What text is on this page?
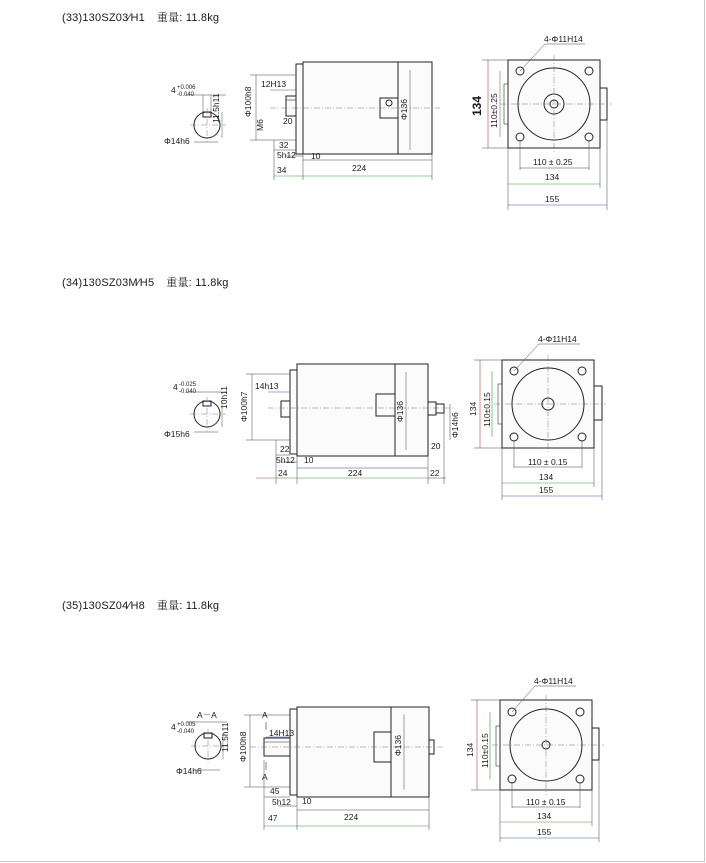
(33)130SZ03∕H1 重量: 11.8kg
4 +0.006
-0.040 11.5h11
Φ14h6
12H13
Φ100h8
M6 20
Φ136
32
5h12 10
34	224
4-Φ11H14
134 110±0.25
110 ± 0.25
134
155
(34)130SZ03M∕H5 重量: 11.8kg
4 -0.025
-0.040	10h11
Φ15h6
14h13
Φ100h7	Φ136
Φ14h6
22
5h12 10
20
24	224	22
4-Φ11H14
134 110±0.15
110 ± 0.15
134
155
(35)130SZ04∕H8 重量: 11.8kg
A－A
4 +0.005
-0.040	11.5h11
Φ14h6
A
A
14H13
Φ100h8	Φ136
45
5h12 10
47	224
4-Φ11H14
134 110±0.15
110 ± 0.15
134
155
